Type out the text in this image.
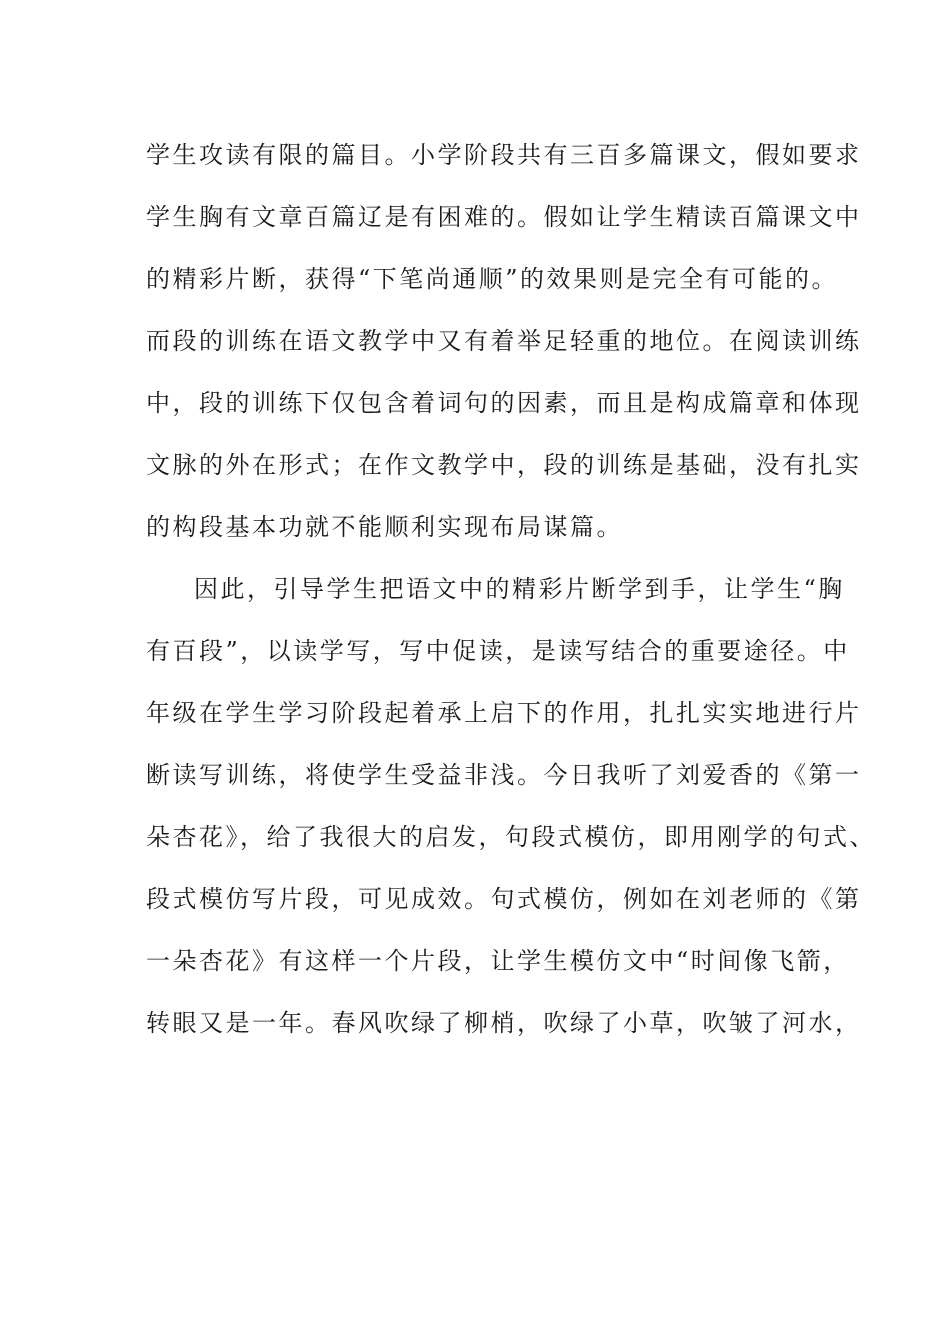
学生攻读有限的篇目。小学阶段共有三百多篇课文，假如要求
学生胸有文章百篇辽是有困难的。假如让学生精读百篇课文中
的精彩片断，获得“下笔尚通顺”的效果则是完全有可能的。
而段的训练在语文教学中又有着举足轻重的地位。在阅读训练
中，段的训练下仅包含着词句的因素，而且是构成篇章和体现
文脉的外在形式；在作文教学中，段的训练是基础，没有扎实
的构段基本功就不能顺利实现布局谋篇。
因此，引导学生把语文中的精彩片断学到手，让学生“胸
有百段”，以读学写，写中促读，是读写结合的重要途径。中
年级在学生学习阶段起着承上启下的作用，扎扎实实地进行片
断读写训练，将使学生受益非浅。今日我听了刘爱香的《第一
朵杏花》，给了我很大的启发，句段式模仿，即用刚学的句式、
段式模仿写片段，可见成效。句式模仿，例如在刘老师的《第
一朵杏花》有这样一个片段，让学生模仿文中“时间像飞箭，
转眼又是一年。春风吹绿了柳梢，吹绿了小草，吹皱了河水，
